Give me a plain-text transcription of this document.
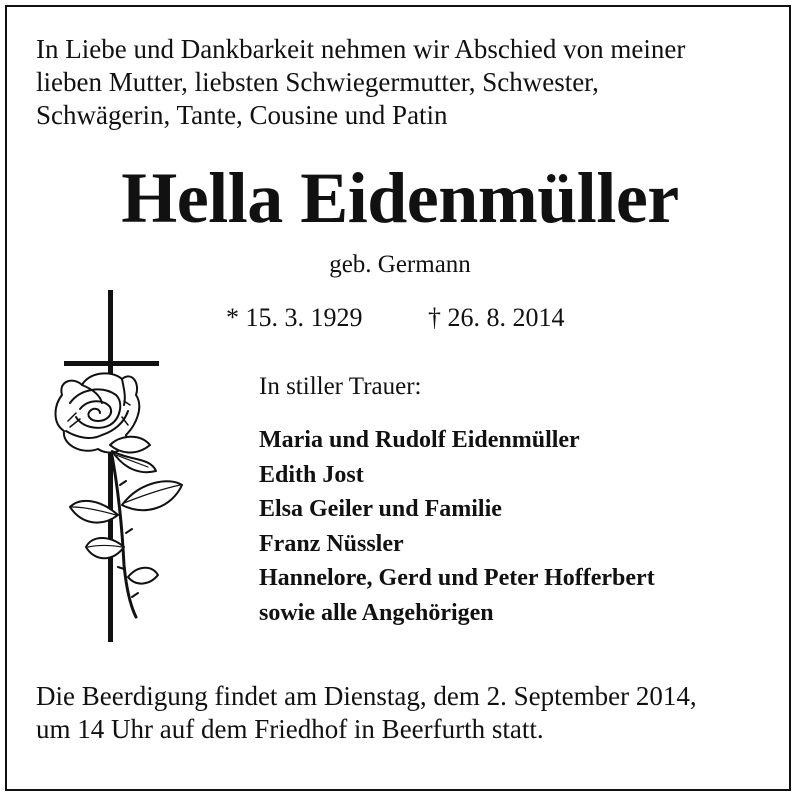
In Liebe und Dankbarkeit nehmen wir Abschied von meiner
lieben Mutter, liebsten Schwiegermutter, Schwester,
Schwägerin, Tante, Cousine und Patin

Hella Eidenmüller

geb. Germann

* 15. 3. 1929	† 26. 8. 2014

In stiller Trauer:

Maria und Rudolf Eidenmüller
Edith Jost
Elsa Geiler und Familie
Franz Nüssler
Hannelore, Gerd und Peter Hofferbert
sowie alle Angehörigen

Die Beerdigung findet am Dienstag, dem 2. September 2014,
um 14 Uhr auf dem Friedhof in Beerfurth statt.
